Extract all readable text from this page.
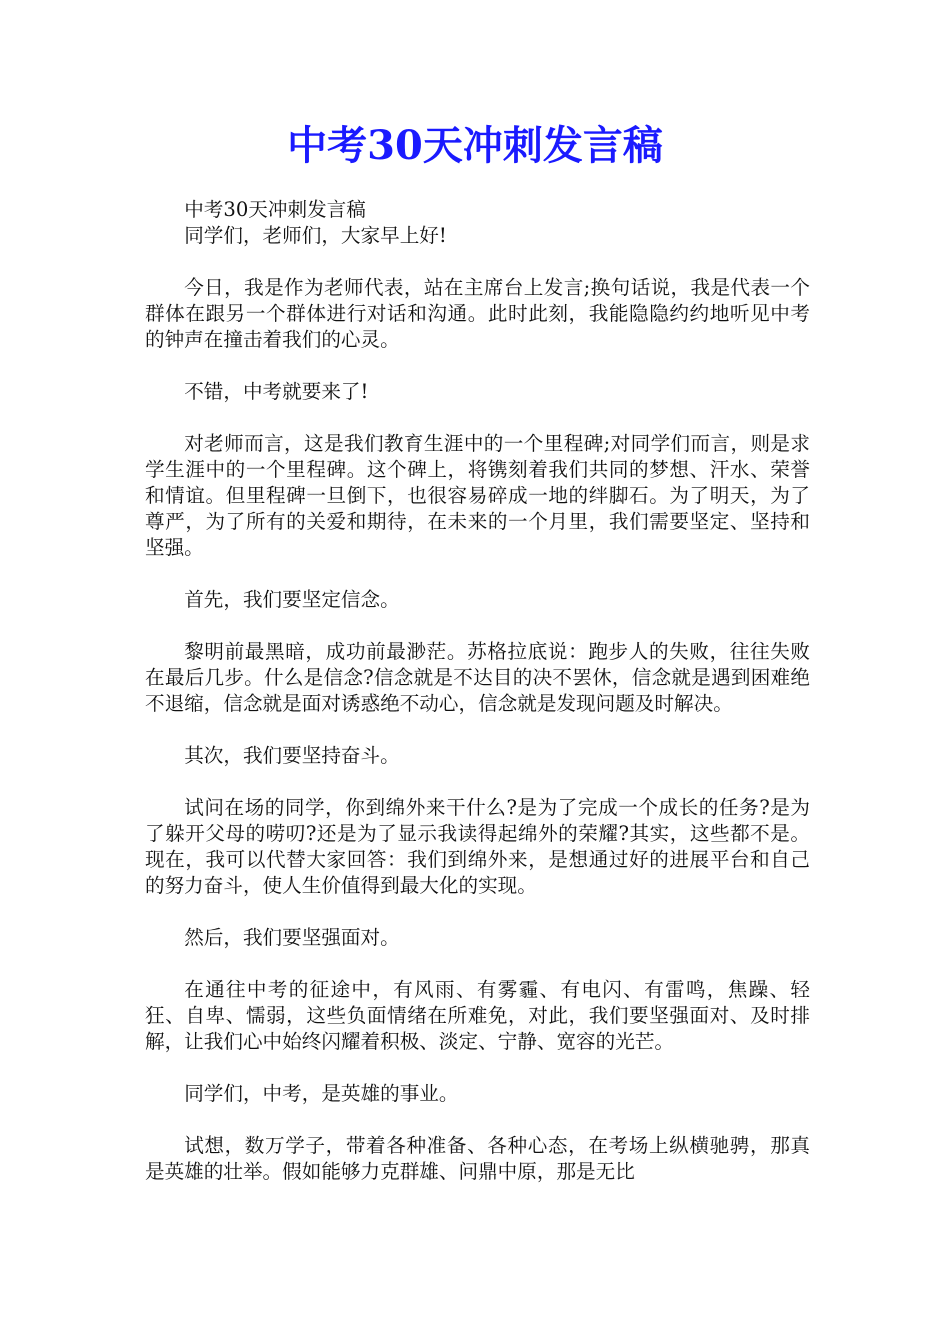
中考30天冲刺发言稿

中考30天冲刺发言稿

同学们，老师们，大家早上好!

今日，我是作为老师代表，站在主席台上发言;换句话说，我是代表一个群体在跟另一个群体进行对话和沟通。此时此刻，我能隐隐约约地听见中考的钟声在撞击着我们的心灵。

不错，中考就要来了!

对老师而言，这是我们教育生涯中的一个里程碑;对同学们而言，则是求学生涯中的一个里程碑。这个碑上，将镌刻着我们共同的梦想、汗水、荣誉和情谊。但里程碑一旦倒下，也很容易碎成一地的绊脚石。为了明天，为了尊严，为了所有的关爱和期待，在未来的一个月里，我们需要坚定、坚持和坚强。

首先，我们要坚定信念。

黎明前最黑暗，成功前最渺茫。苏格拉底说：跑步人的失败，往往失败在最后几步。什么是信念?信念就是不达目的决不罢休，信念就是遇到困难绝不退缩，信念就是面对诱惑绝不动心，信念就是发现问题及时解决。

其次，我们要坚持奋斗。

试问在场的同学，你到绵外来干什么?是为了完成一个成长的任务?是为了躲开父母的唠叨?还是为了显示我读得起绵外的荣耀?其实，这些都不是。现在，我可以代替大家回答：我们到绵外来，是想通过好的进展平台和自己的努力奋斗，使人生价值得到最大化的实现。

然后，我们要坚强面对。

在通往中考的征途中，有风雨、有雾霾、有电闪、有雷鸣，焦躁、轻狂、自卑、懦弱，这些负面情绪在所难免，对此，我们要坚强面对、及时排解，让我们心中始终闪耀着积极、淡定、宁静、宽容的光芒。

同学们，中考，是英雄的事业。

试想，数万学子，带着各种准备、各种心态，在考场上纵横驰骋，那真是英雄的壮举。假如能够力克群雄、问鼎中原，那是无比
